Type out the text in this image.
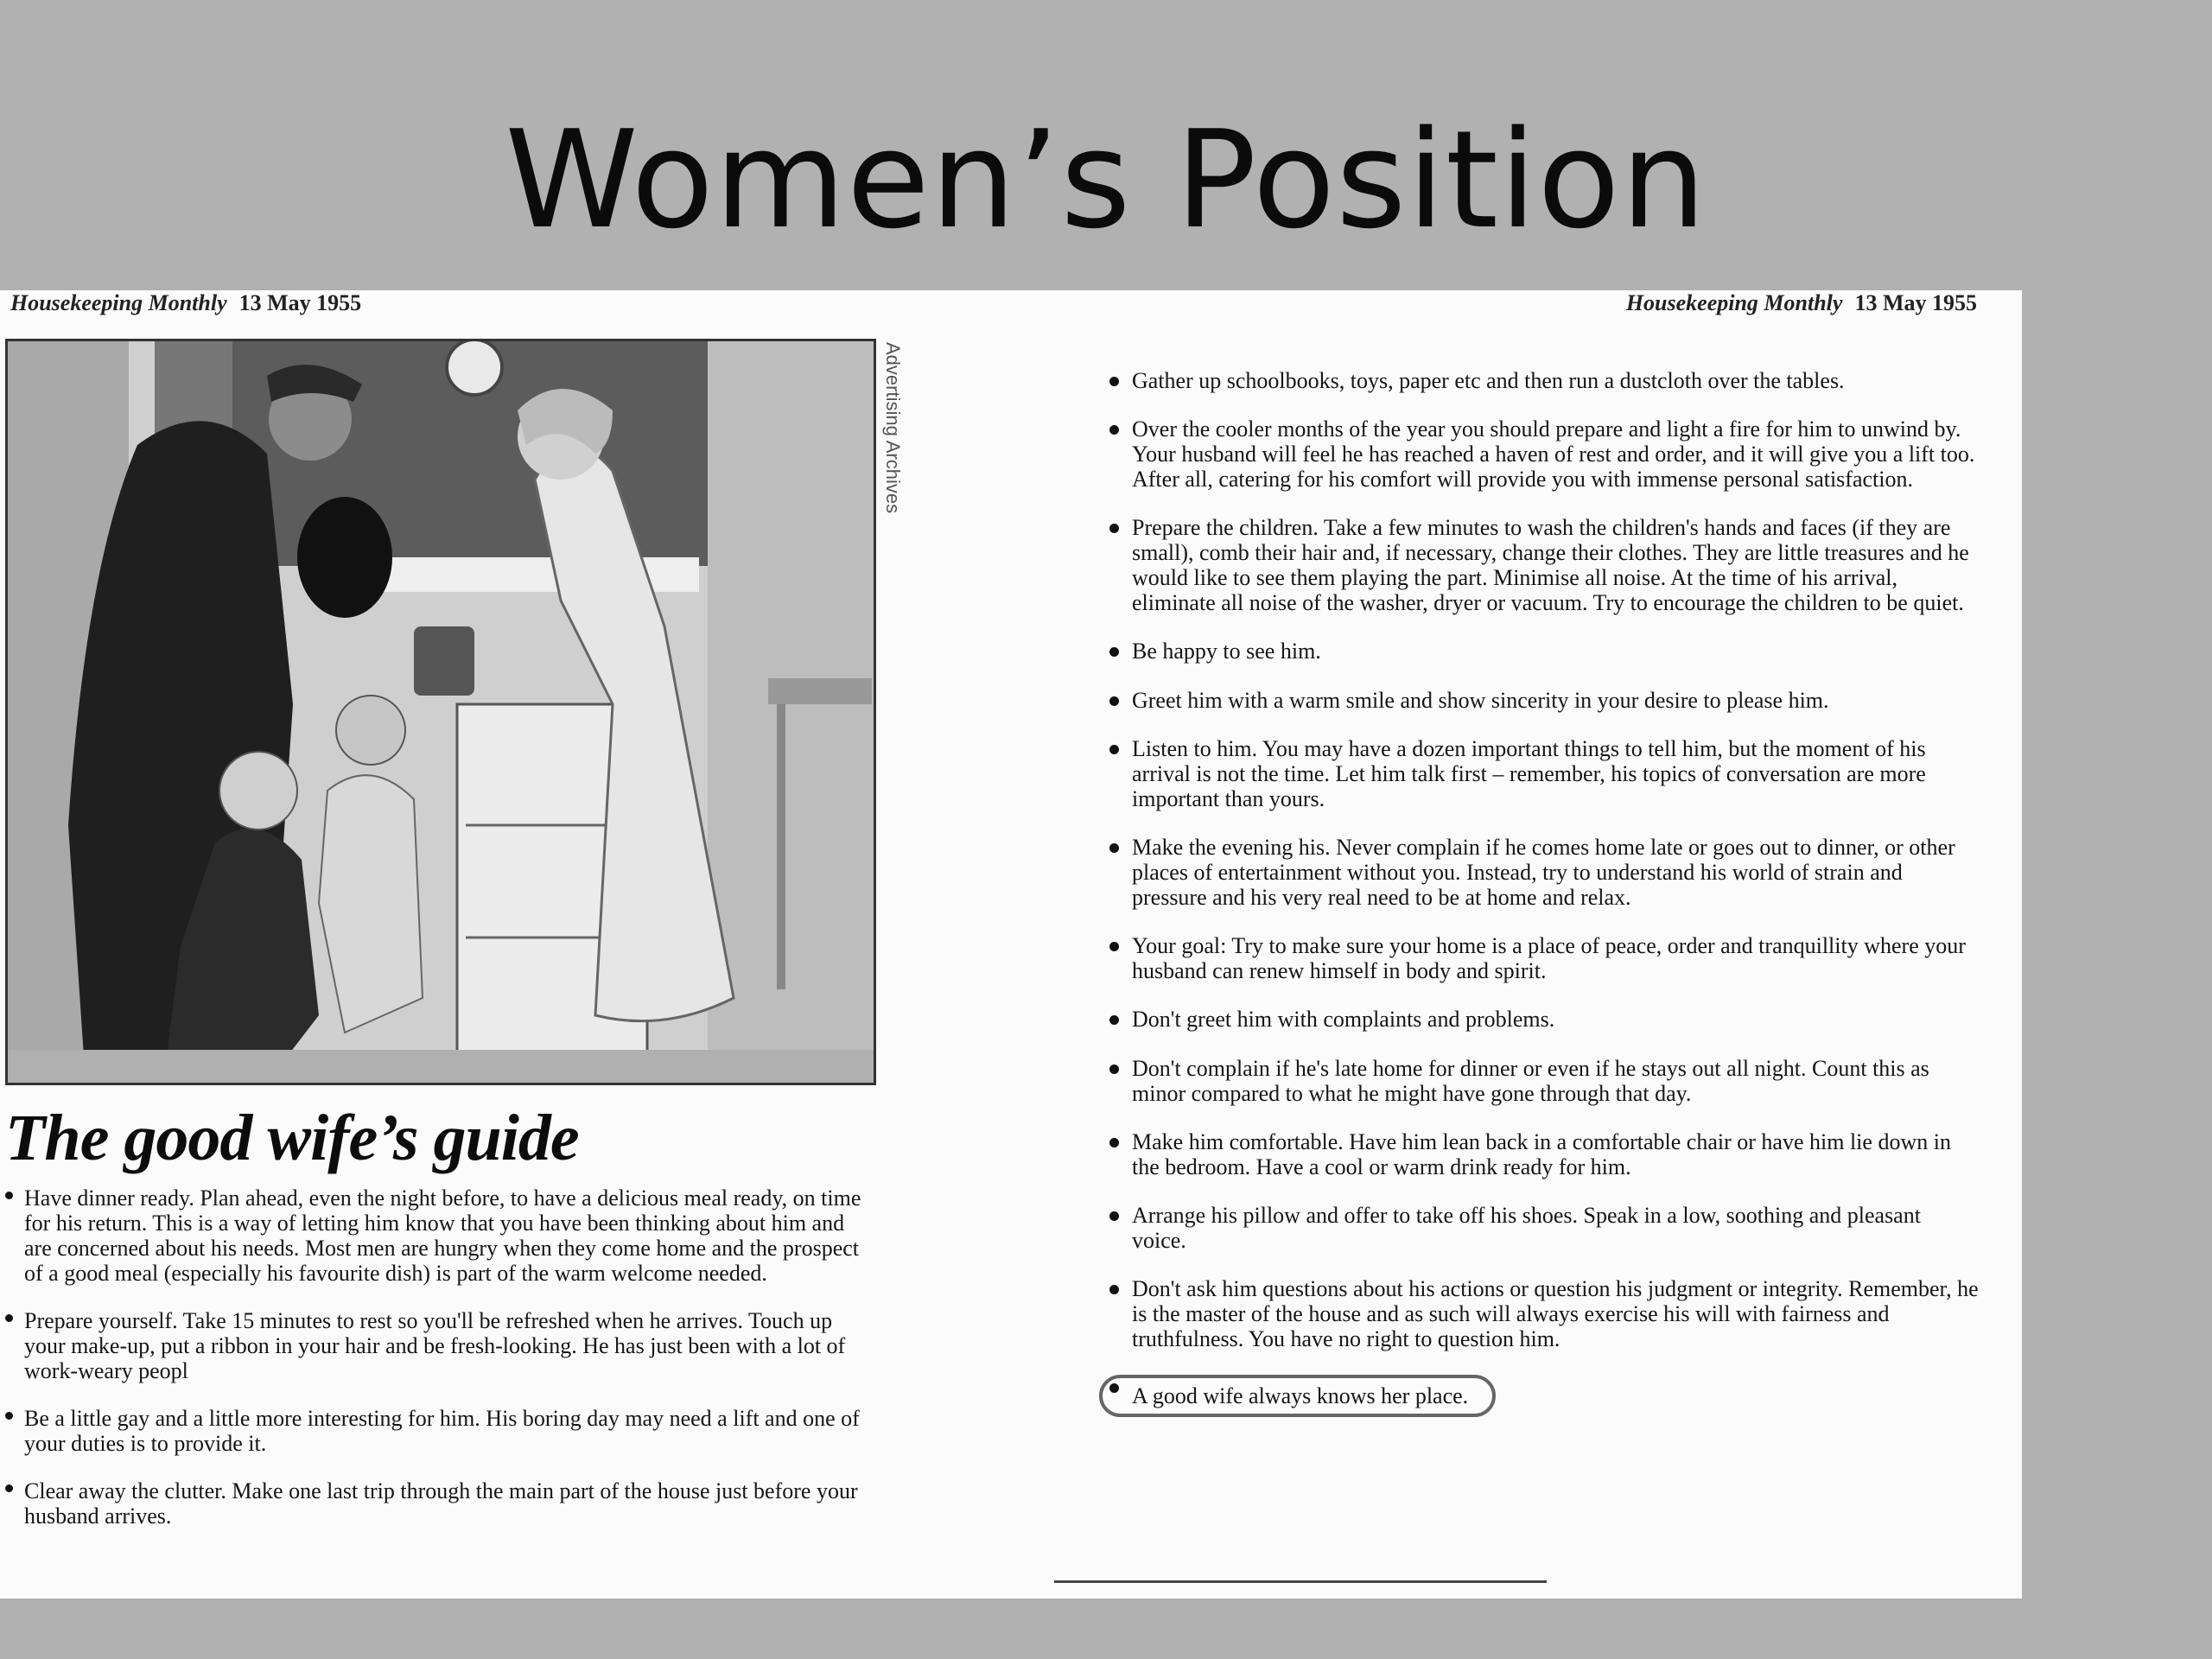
Women’s Position
Housekeeping Monthly 13 May 1955	Housekeeping Monthly 13 May 1955
Advertising Archives
The good wife’s guide
Have dinner ready. Plan ahead, even the night before, to have a delicious meal ready, on time for his return. This is a way of letting him know that you have been thinking about him and are concerned about his needs. Most men are hungry when they come home and the prospect of a good meal (especially his favourite dish) is part of the warm welcome needed.
Prepare yourself. Take 15 minutes to rest so you'll be refreshed when he arrives. Touch up your make-up, put a ribbon in your hair and be fresh-looking. He has just been with a lot of work-weary peopl
Be a little gay and a little more interesting for him. His boring day may need a lift and one of your duties is to provide it.
Clear away the clutter. Make one last trip through the main part of the house just before your husband arrives.
Gather up schoolbooks, toys, paper etc and then run a dustcloth over the tables.
Over the cooler months of the year you should prepare and light a fire for him to unwind by. Your husband will feel he has reached a haven of rest and order, and it will give you a lift too. After all, catering for his comfort will provide you with immense personal satisfaction.
Prepare the children. Take a few minutes to wash the children's hands and faces (if they are small), comb their hair and, if necessary, change their clothes. They are little treasures and he would like to see them playing the part. Minimise all noise. At the time of his arrival, eliminate all noise of the washer, dryer or vacuum. Try to encourage the children to be quiet.
Be happy to see him.
Greet him with a warm smile and show sincerity in your desire to please him.
Listen to him. You may have a dozen important things to tell him, but the moment of his arrival is not the time. Let him talk first – remember, his topics of conversation are more important than yours.
Make the evening his. Never complain if he comes home late or goes out to dinner, or other places of entertainment without you. Instead, try to understand his world of strain and pressure and his very real need to be at home and relax.
Your goal: Try to make sure your home is a place of peace, order and tranquillity where your husband can renew himself in body and spirit.
Don't greet him with complaints and problems.
Don't complain if he's late home for dinner or even if he stays out all night. Count this as minor compared to what he might have gone through that day.
Make him comfortable. Have him lean back in a comfortable chair or have him lie down in the bedroom. Have a cool or warm drink ready for him.
Arrange his pillow and offer to take off his shoes. Speak in a low, soothing and pleasant voice.
Don't ask him questions about his actions or question his judgment or integrity. Remember, he is the master of the house and as such will always exercise his will with fairness and truthfulness. You have no right to question him.
A good wife always knows her place.
